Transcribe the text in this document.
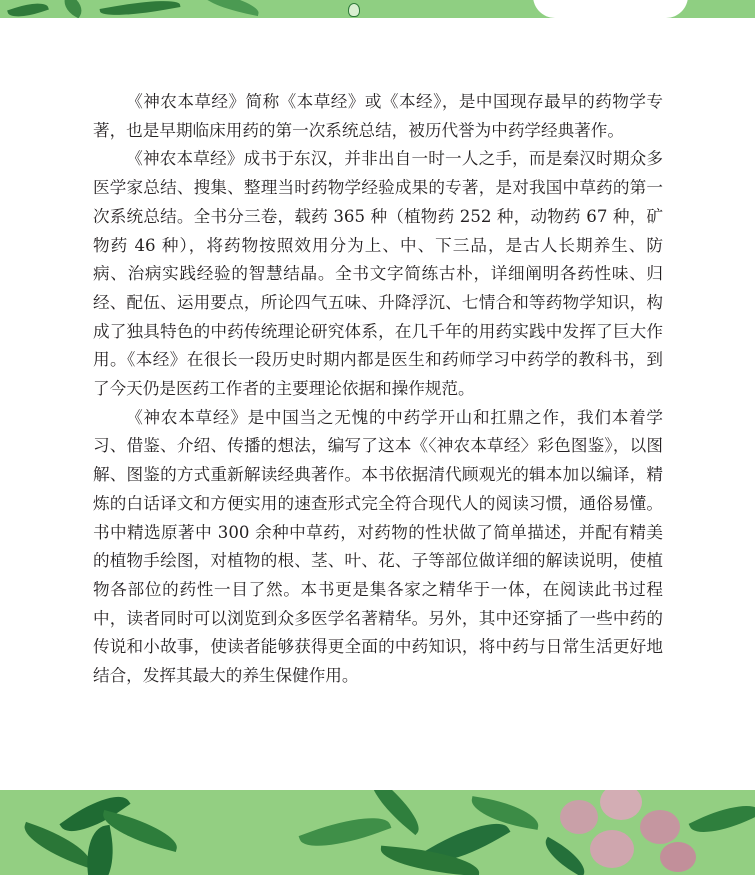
《神农本草经》简称《本草经》或《本经》，是中国现存最早的药物学专著，也是早期临床用药的第一次系统总结，被历代誉为中药学经典著作。

《神农本草经》成书于东汉，并非出自一时一人之手，而是秦汉时期众多医学家总结、搜集、整理当时药物学经验成果的专著，是对我国中草药的第一次系统总结。全书分三卷，载药 365 种（植物药 252 种，动物药 67 种，矿物药 46 种），将药物按照效用分为上、中、下三品，是古人长期养生、防病、治病实践经验的智慧结晶。全书文字简练古朴，详细阐明各药性味、归经、配伍、运用要点，所论四气五味、升降浮沉、七情合和等药物学知识，构成了独具特色的中药传统理论研究体系，在几千年的用药实践中发挥了巨大作用。《本经》在很长一段历史时期内都是医生和药师学习中药学的教科书，到了今天仍是医药工作者的主要理论依据和操作规范。

《神农本草经》是中国当之无愧的中药学开山和扛鼎之作，我们本着学习、借鉴、介绍、传播的想法，编写了这本《〈神农本草经〉彩色图鉴》，以图解、图鉴的方式重新解读经典著作。本书依据清代顾观光的辑本加以编译，精炼的白话译文和方便实用的速查形式完全符合现代人的阅读习惯，通俗易懂。书中精选原著中 300 余种中草药，对药物的性状做了简单描述，并配有精美的植物手绘图，对植物的根、茎、叶、花、子等部位做详细的解读说明，使植物各部位的药性一目了然。本书更是集各家之精华于一体，在阅读此书过程中，读者同时可以浏览到众多医学名著精华。另外，其中还穿插了一些中药的传说和小故事，使读者能够获得更全面的中药知识，将中药与日常生活更好地结合，发挥其最大的养生保健作用。
